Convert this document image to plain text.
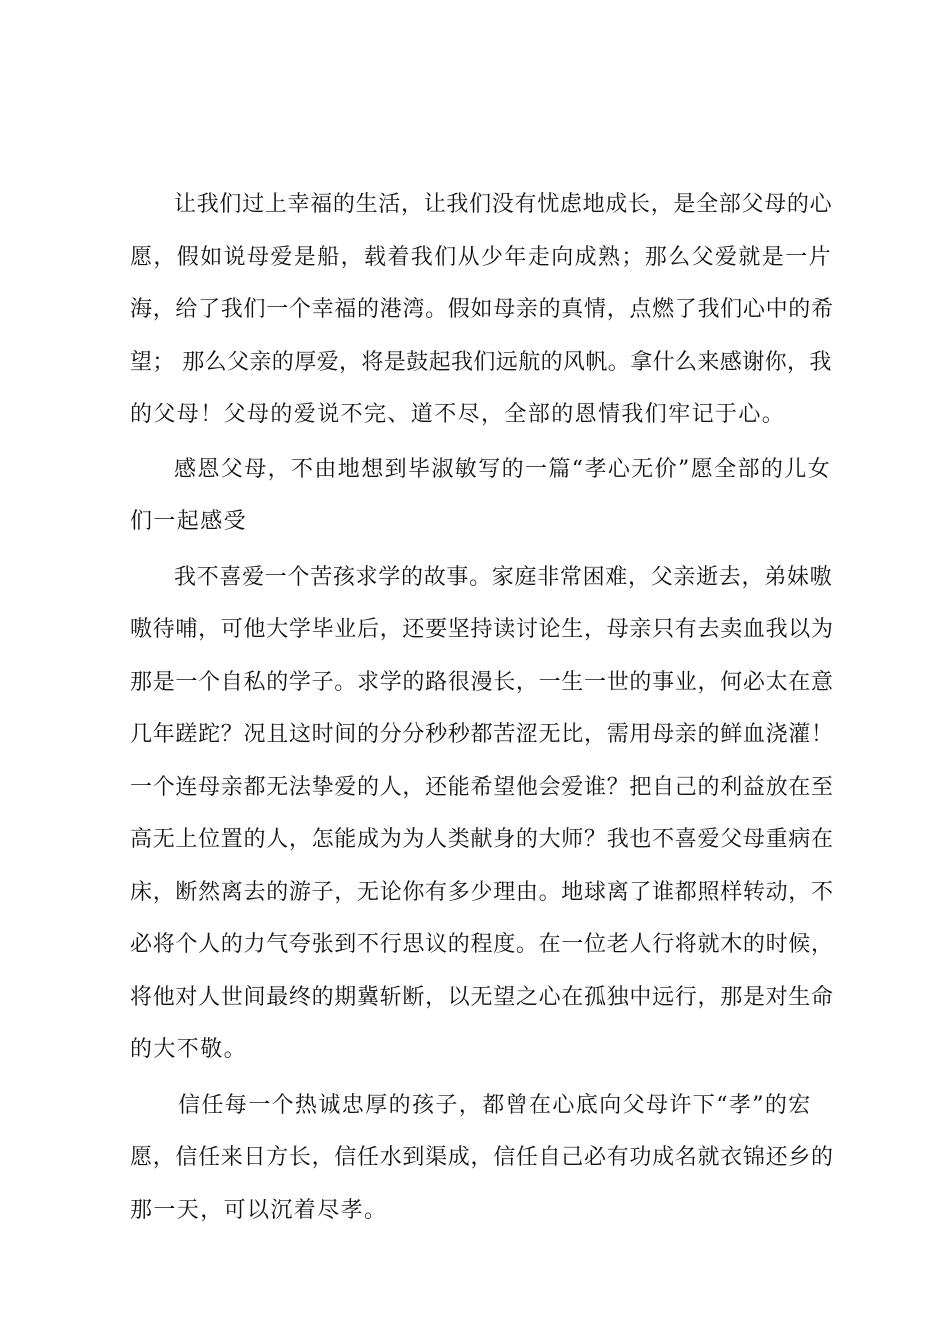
让我们过上幸福的生活，让我们没有忧虑地成长，是全部父母的心
愿，假如说母爱是船，载着我们从少年走向成熟；那么父爱就是一片
海，给了我们一个幸福的港湾。假如母亲的真情，点燃了我们心中的希
望； 那么父亲的厚爱，将是鼓起我们远航的风帆。拿什么来感谢你，我
的父母！父母的爱说不完、道不尽，全部的恩情我们牢记于心。

感恩父母，不由地想到毕淑敏写的一篇“孝心无价”愿全部的儿女
们一起感受

我不喜爱一个苦孩求学的故事。家庭非常困难，父亲逝去，弟妹嗷
嗷待哺，可他大学毕业后，还要坚持读讨论生，母亲只有去卖血我以为
那是一个自私的学子。求学的路很漫长，一生一世的事业，何必太在意
几年蹉跎？况且这时间的分分秒秒都苦涩无比，需用母亲的鲜血浇灌！
一个连母亲都无法挚爱的人，还能希望他会爱谁？把自己的利益放在至
高无上位置的人，怎能成为为人类献身的大师？我也不喜爱父母重病在
床，断然离去的游子，无论你有多少理由。地球离了谁都照样转动，不
必将个人的力气夸张到不行思议的程度。在一位老人行将就木的时候，
将他对人世间最终的期冀斩断，以无望之心在孤独中远行，那是对生命
的大不敬。

信任每一个热诚忠厚的孩子，都曾在心底向父母许下“孝”的宏
愿，信任来日方长，信任水到渠成，信任自己必有功成名就衣锦还乡的
那一天，可以沉着尽孝。
